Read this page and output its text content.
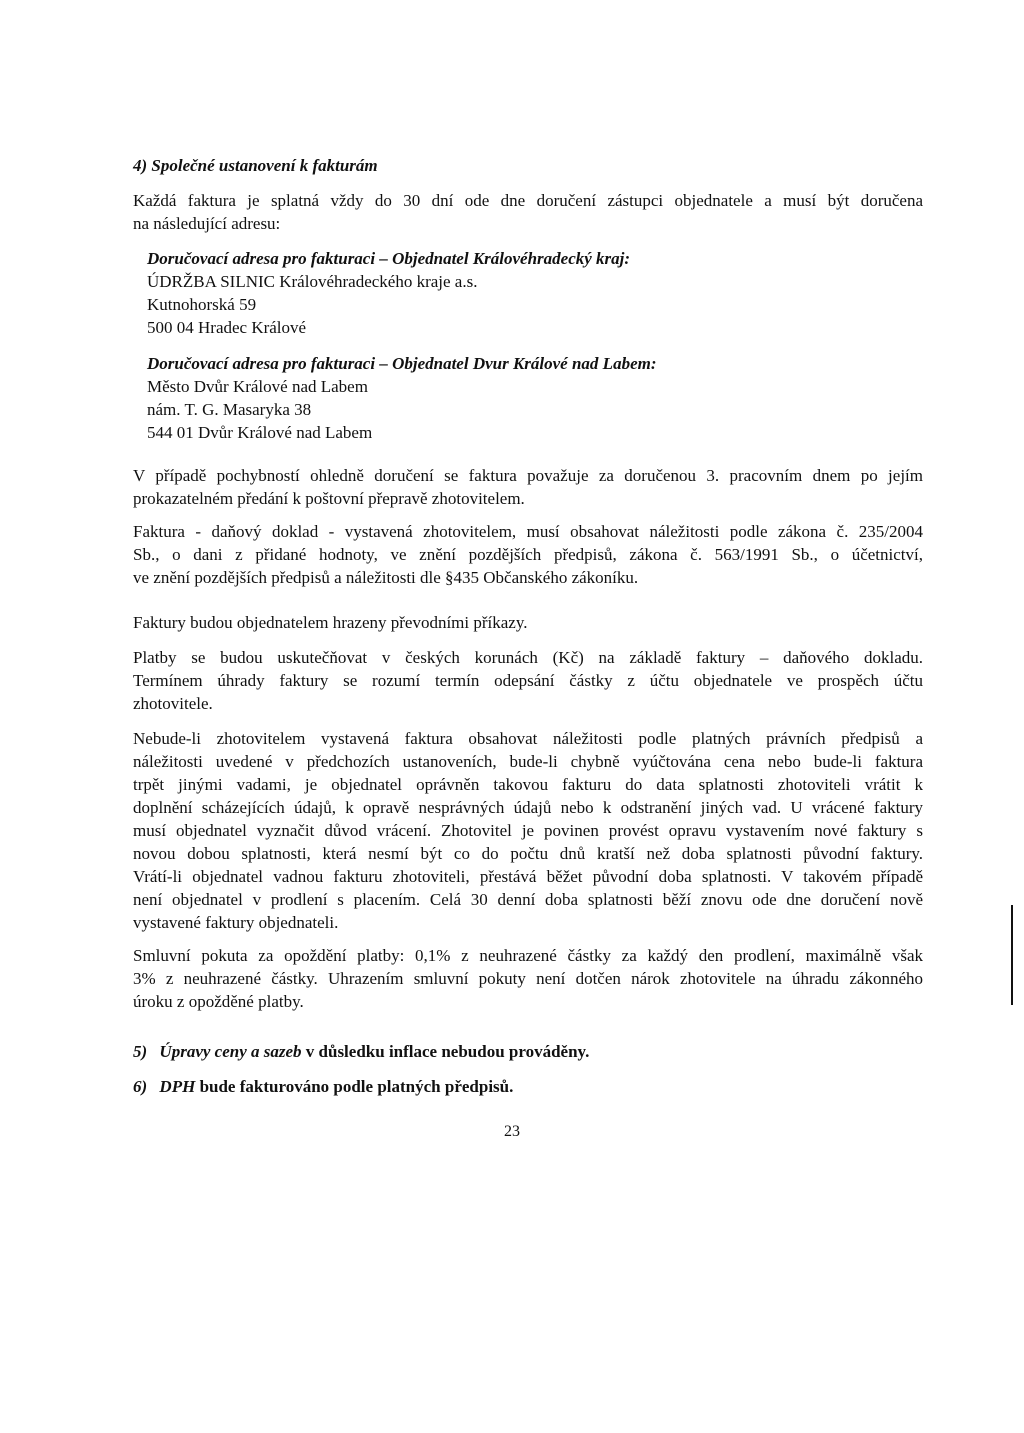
4) Společné ustanovení k fakturám
Každá faktura je splatná vždy do 30 dní ode dne doručení zástupci objednatele a musí být doručena
na následující adresu:
Doručovací adresa pro fakturaci – Objednatel Královéhradecký kraj:
ÚDRŽBA SILNIC Královéhradeckého kraje a.s.
Kutnohorská 59
500 04 Hradec Králové
Doručovací adresa pro fakturaci – Objednatel Dvur Králové nad Labem:
Město Dvůr Králové nad Labem
nám. T. G. Masaryka 38
544 01 Dvůr Králové nad Labem
V případě pochybností ohledně doručení se faktura považuje za doručenou 3. pracovním dnem po jejím
prokazatelném předání k poštovní přepravě zhotovitelem.
Faktura - daňový doklad - vystavená zhotovitelem, musí obsahovat náležitosti podle zákona č. 235/2004
Sb., o dani z přidané hodnoty, ve znění pozdějších předpisů, zákona č. 563/1991 Sb., o účetnictví,
ve znění pozdějších předpisů a náležitosti dle §435 Občanského zákoníku.
Faktury budou objednatelem hrazeny převodními příkazy.
Platby se budou uskutečňovat v českých korunách (Kč) na základě faktury – daňového dokladu.
Termínem úhrady faktury se rozumí termín odepsání částky z účtu objednatele ve prospěch účtu
zhotovitele.
Nebude-li zhotovitelem vystavená faktura obsahovat náležitosti podle platných právních předpisů a
náležitosti uvedené v předchozích ustanoveních, bude-li chybně vyúčtována cena nebo bude-li faktura
trpět jinými vadami, je objednatel oprávněn takovou fakturu do data splatnosti zhotoviteli vrátit k
doplnění scházejících údajů, k opravě nesprávných údajů nebo k odstranění jiných vad. U vrácené faktury
musí objednatel vyznačit důvod vrácení. Zhotovitel je povinen provést opravu vystavením nové faktury s
novou dobou splatnosti, která nesmí být co do počtu dnů kratší než doba splatnosti původní faktury.
Vrátí-li objednatel vadnou fakturu zhotoviteli, přestává běžet původní doba splatnosti. V takovém případě
není objednatel v prodlení s placením. Celá 30 denní doba splatnosti běží znovu ode dne doručení nově
vystavené faktury objednateli.
Smluvní pokuta za opoždění platby: 0,1% z neuhrazené částky za každý den prodlení, maximálně však
3% z neuhrazené částky. Uhrazením smluvní pokuty není dotčen nárok zhotovitele na úhradu zákonného
úroku z opožděné platby.
5) Úpravy ceny a sazeb v důsledku inflace nebudou prováděny.
6) DPH bude fakturováno podle platných předpisů.
23
